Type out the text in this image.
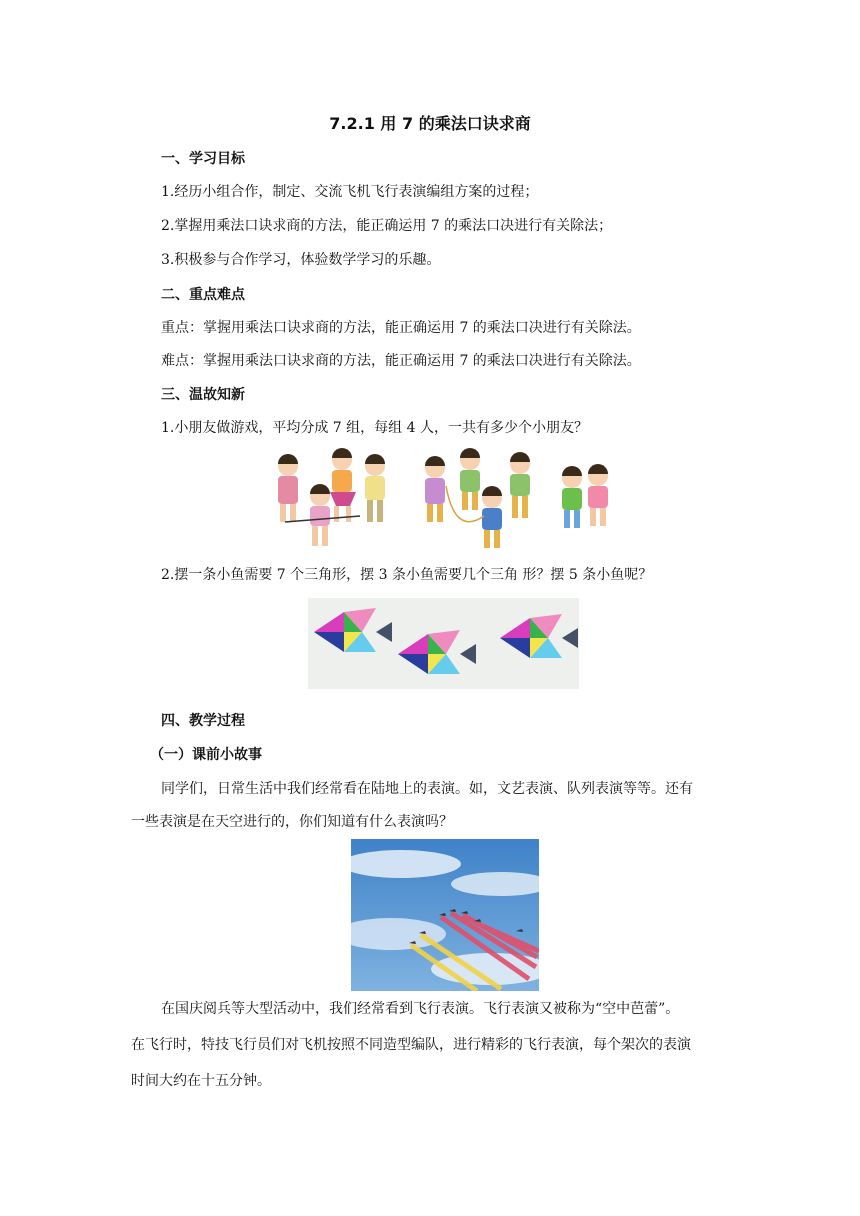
7.2.1 用 7 的乘法口诀求商
一、学习目标
1.经历小组合作，制定、交流飞机飞行表演编组方案的过程；
2.掌握用乘法口诀求商的方法，能正确运用 7 的乘法口决进行有关除法；
3.积极参与合作学习，体验数学学习的乐趣。
二、重点难点
重点：掌握用乘法口诀求商的方法，能正确运用 7 的乘法口决进行有关除法。
难点：掌握用乘法口诀求商的方法，能正确运用 7 的乘法口决进行有关除法。
三、温故知新
1.小朋友做游戏，平均分成 7 组，每组 4 人，一共有多少个小朋友？
2.摆一条小鱼需要 7 个三角形，摆 3 条小鱼需要几个三角 形？摆 5 条小鱼呢？
四、教学过程
（一）课前小故事
同学们，日常生活中我们经常看在陆地上的表演。如，文艺表演、队列表演等等。还有
一些表演是在天空进行的，你们知道有什么表演吗？
在国庆阅兵等大型活动中，我们经常看到飞行表演。飞行表演又被称为“空中芭蕾”。
在飞行时，特技飞行员们对飞机按照不同造型编队，进行精彩的飞行表演，每个架次的表演
时间大约在十五分钟。
